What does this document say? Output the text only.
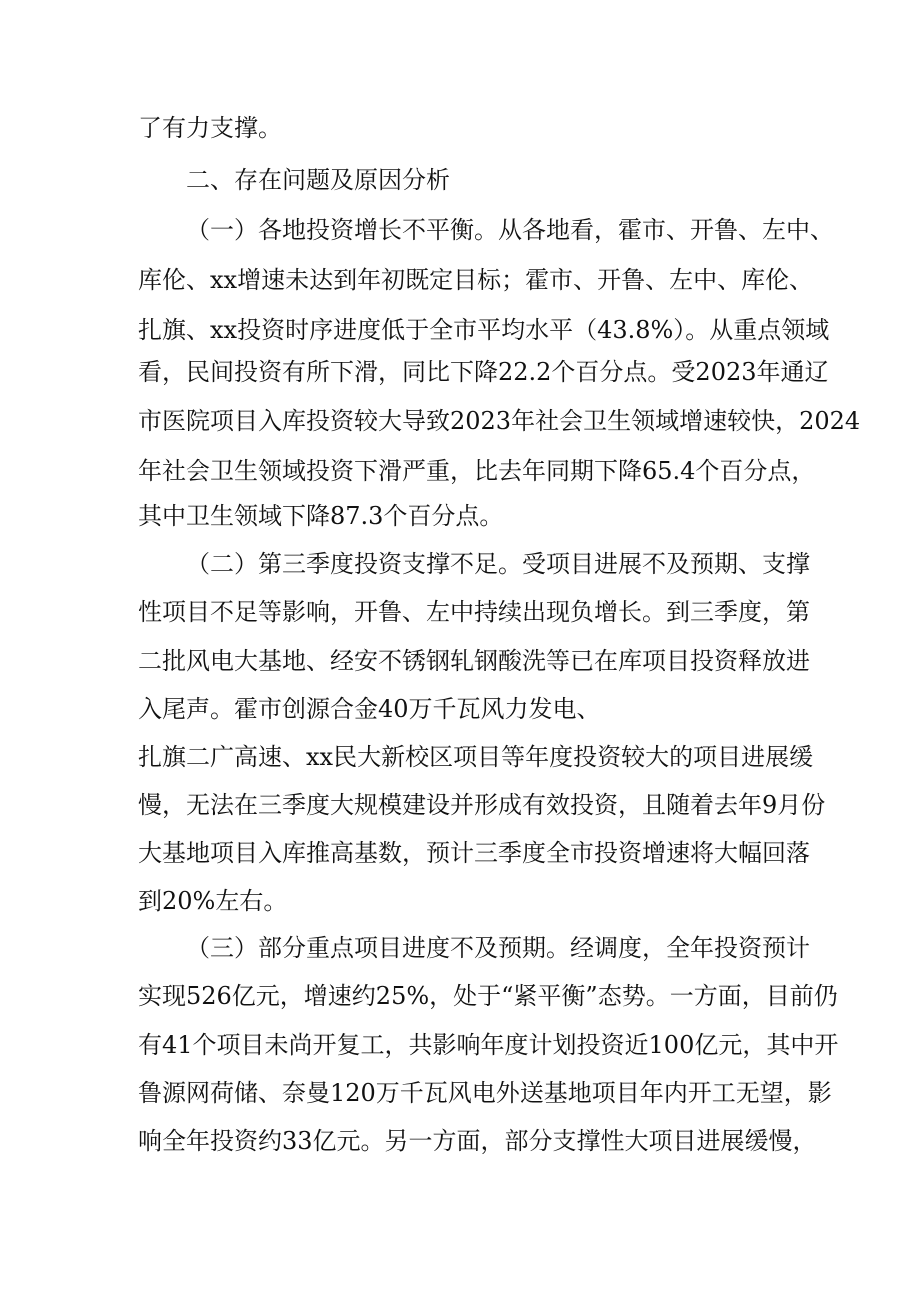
了有力支撑。

二、存在问题及原因分析

（一）各地投资增长不平衡。从各地看，霍市、开鲁、左中、

库伦、xx增速未达到年初既定目标；霍市、开鲁、左中、库伦、

扎旗、xx投资时序进度低于全市平均水平（43.8%）。从重点领域

看，民间投资有所下滑，同比下降22.2个百分点。受2023年通辽

市医院项目入库投资较大导致2023年社会卫生领域增速较快，2024

年社会卫生领域投资下滑严重，比去年同期下降65.4个百分点，

其中卫生领域下降87.3个百分点。

（二）第三季度投资支撑不足。受项目进展不及预期、支撑

性项目不足等影响，开鲁、左中持续出现负增长。到三季度，第

二批风电大基地、经安不锈钢轧钢酸洗等已在库项目投资释放进

入尾声。霍市创源合金40万千瓦风力发电、

扎旗二广高速、xx民大新校区项目等年度投资较大的项目进展缓

慢，无法在三季度大规模建设并形成有效投资，且随着去年9月份

大基地项目入库推高基数，预计三季度全市投资增速将大幅回落

到20%左右。

（三）部分重点项目进度不及预期。经调度，全年投资预计

实现526亿元，增速约25%，处于“紧平衡”态势。一方面，目前仍

有41个项目未尚开复工，共影响年度计划投资近100亿元，其中开

鲁源网荷储、奈曼120万千瓦风电外送基地项目年内开工无望，影

响全年投资约33亿元。另一方面，部分支撑性大项目进展缓慢，
